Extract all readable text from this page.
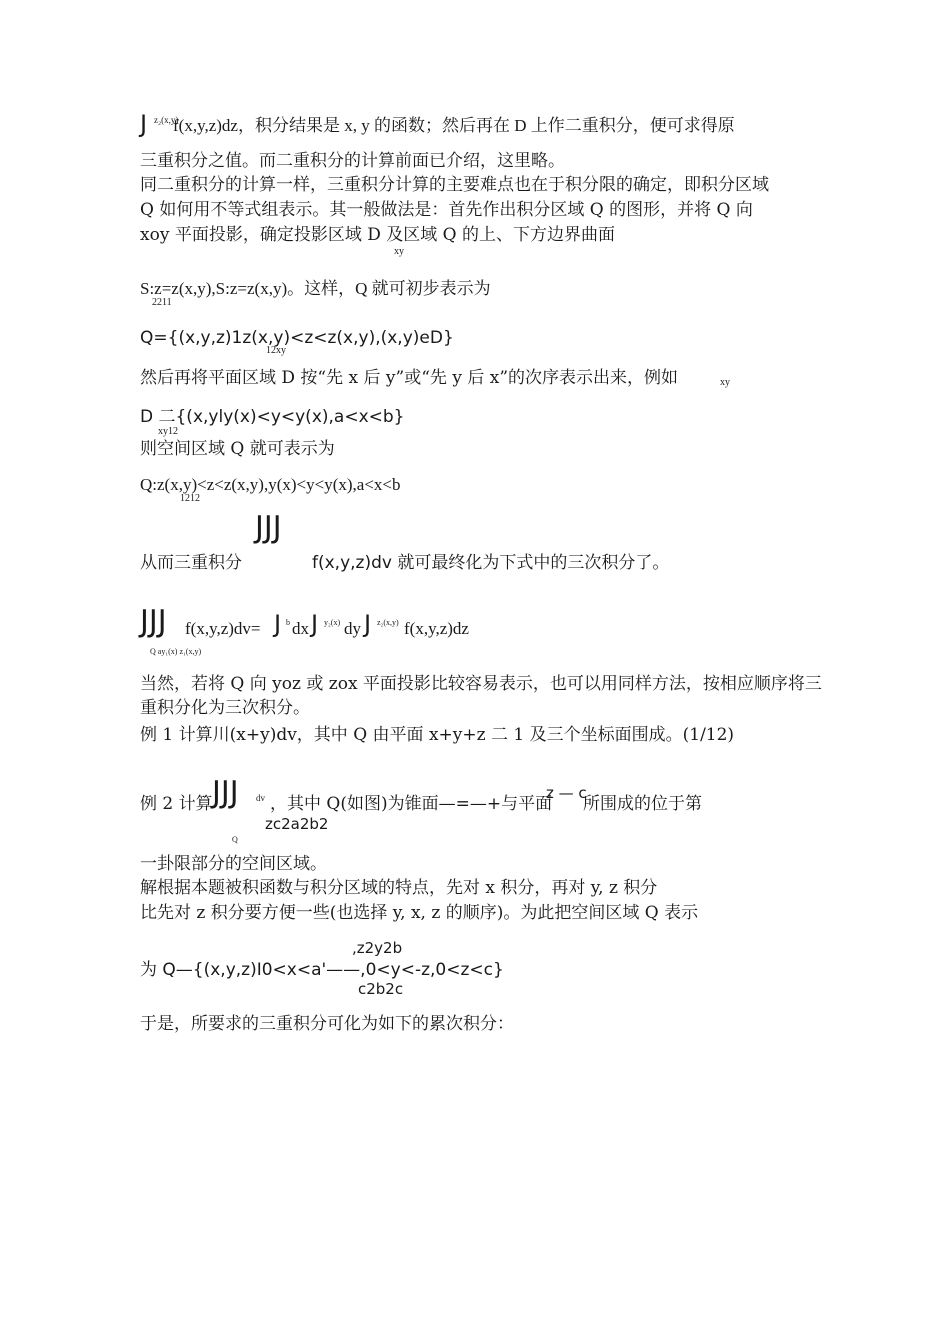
J z₂(x,y)
f(x,y,z)dz，积分结果是 x, y 的函数；然后再在 D 上作二重积分，便可求得原
三重积分之值。而二重积分的计算前面已介绍，这里略。
同二重积分的计算一样，三重积分计算的主要难点也在于积分限的确定，即积分区域
Q 如何用不等式组表示。其一般做法是：首先作出积分区域 Q 的图形，并将 Q 向
xoy 平面投影，确定投影区域 D 及区域 Q 的上、下方边界曲面
xy
S:z=z(x,y),S:z=z(x,y)。这样，Q 就可初步表示为
2211
Q={(x,y,z)1z(x,y)<z<z(x,y),(x,y)eD}
12xy
然后再将平面区域 D 按“先 x 后 y”或“先 y 后 x”的次序表示出来，例如	xy
D 二{(x,yly(x)<y<y(x),a<x<b}
xy12
则空间区域 Q 就可表示为
Q:z(x,y)<z<z(x,y),y(x)<y<y(x),a<x<b
1212
JJJ
从而三重积分	f(x,y,z)dv 就可最终化为下式中的三次积分了。
JJJ f(x,y,z)dv= J b dx J y₂(x) dy J z₂(x,y) f(x,y,z)dz
Q ay₁(x) z₁(x,y)
当然，若将 Q 向 yoz 或 zox 平面投影比较容易表示，也可以用同样方法，按相应顺序将三
重积分化为三次积分。
例 1 计算川(x+y)dv，其中 Q 由平面 x+y+z 二 1 及三个坐标面围成。(1/12)
例 2 计算 JJJ dv ，其中 Q(如图)为锥面—=—+与平面
z — c
所围成的位于第
Q
zc2a2b2
一卦限部分的空间区域。
解根据本题被积函数与积分区域的特点，先对 x 积分，再对 y, z 积分
比先对 z 积分要方便一些(也选择 y, x, z 的顺序)。为此把空间区域 Q 表示
,z2y2b
为 Q—{(x,y,z)I0<x<a'——,0<y<-z,0<z<c}
c2b2c
于是，所要求的三重积分可化为如下的累次积分：
